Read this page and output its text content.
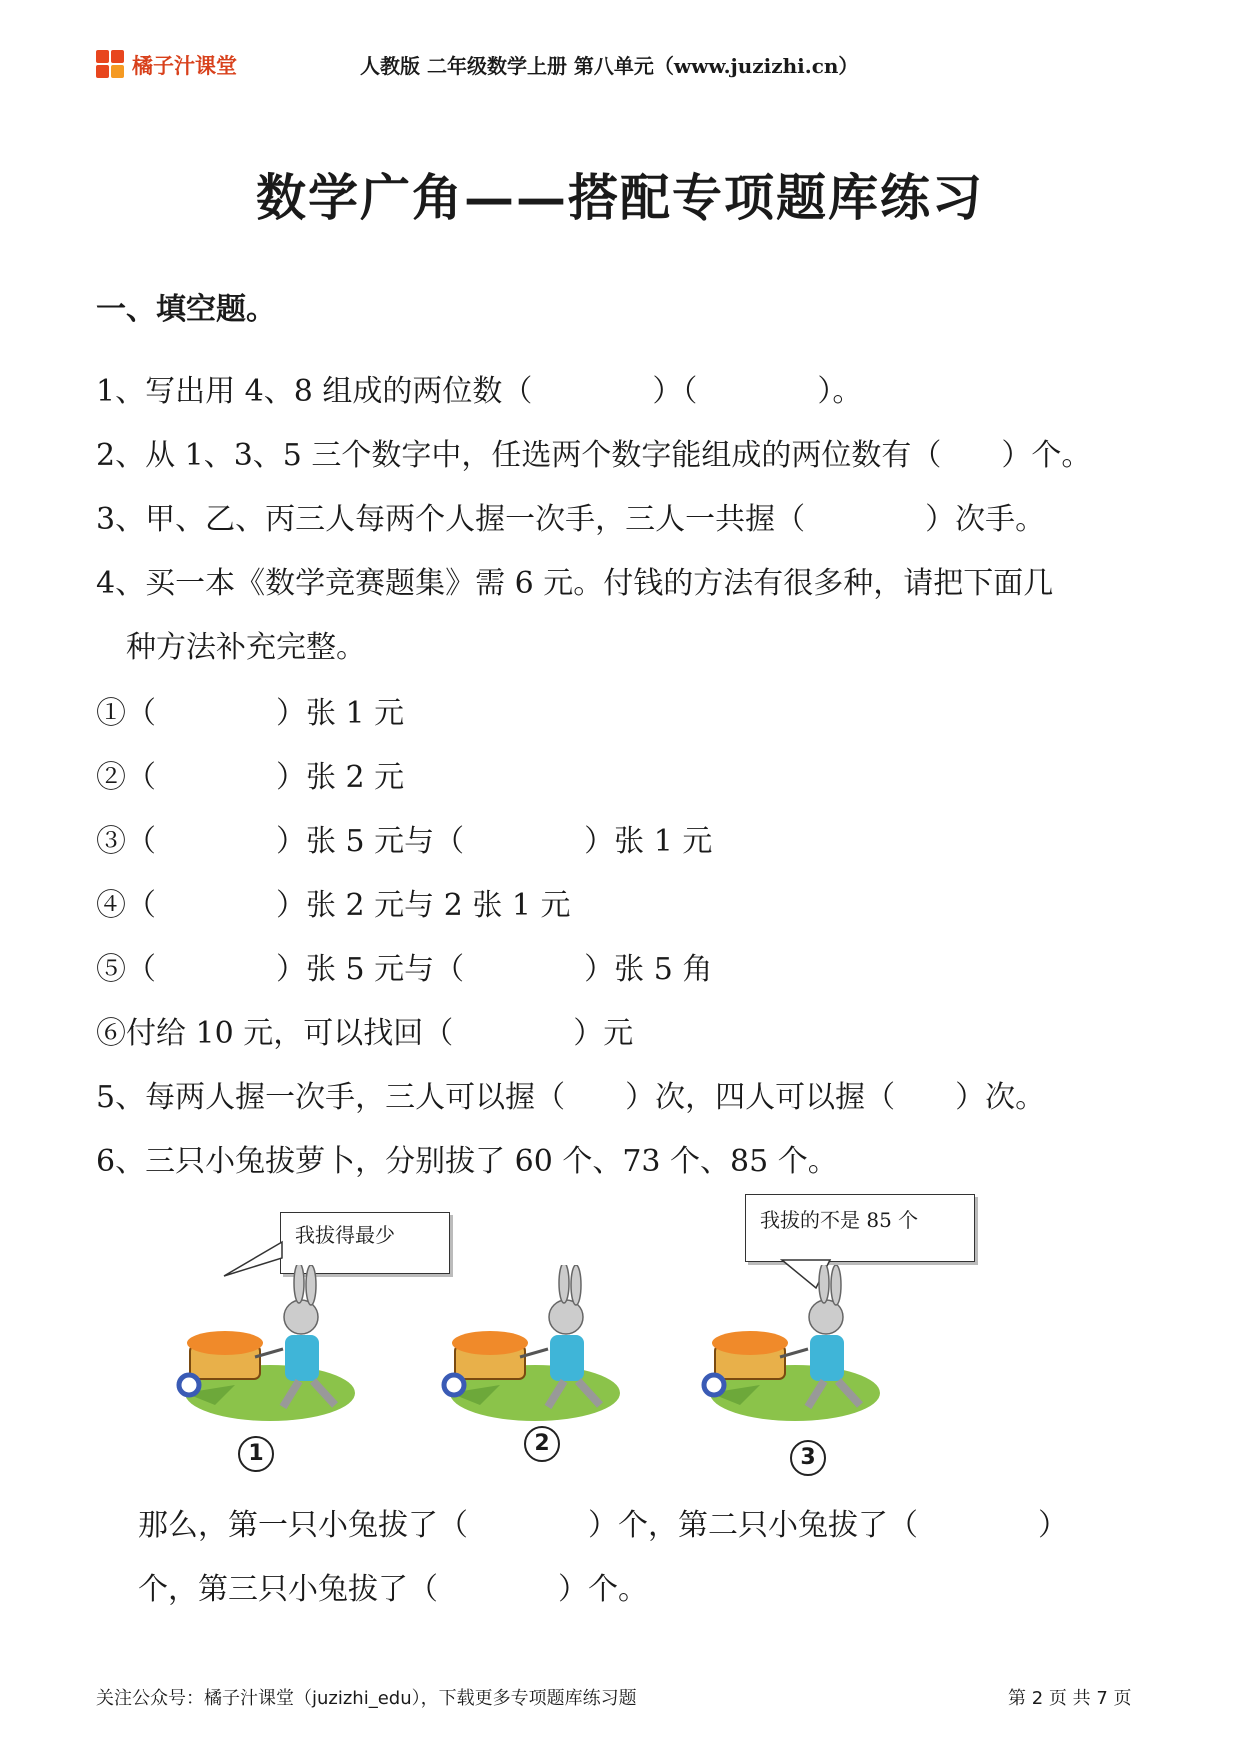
橘子汁课堂	人教版 二年级数学上册 第八单元（www.juzizhi.cn）
数学广角——搭配专项题库练习
一、填空题。
1、写出用 4、8 组成的两位数（　　　　）（　　　　）。
2、从 1、3、5 三个数字中，任选两个数字能组成的两位数有（　　）个。
3、甲、乙、丙三人每两个人握一次手，三人一共握（　　　　）次手。
4、买一本《数学竞赛题集》需 6 元。付钱的方法有很多种，请把下面几
　种方法补充完整。
①（　　　　）张 1 元
②（　　　　）张 2 元
③（　　　　）张 5 元与（　　　　）张 1 元
④（　　　　）张 2 元与 2 张 1 元
⑤（　　　　）张 5 元与（　　　　）张 5 角
⑥付给 10 元，可以找回（　　　　）元
5、每两人握一次手，三人可以握（　　）次，四人可以握（　　）次。
6、三只小兔拔萝卜，分别拔了 60 个、73 个、85 个。
我拔得最少
我拔的不是 85 个
1	2
3
那么，第一只小兔拔了（　　　　）个，第二只小兔拔了（　　　　）
个，第三只小兔拔了（　　　　）个。
关注公众号：橘子汁课堂（juzizhi_edu），下载更多专项题库练习题	第 2 页 共 7 页
